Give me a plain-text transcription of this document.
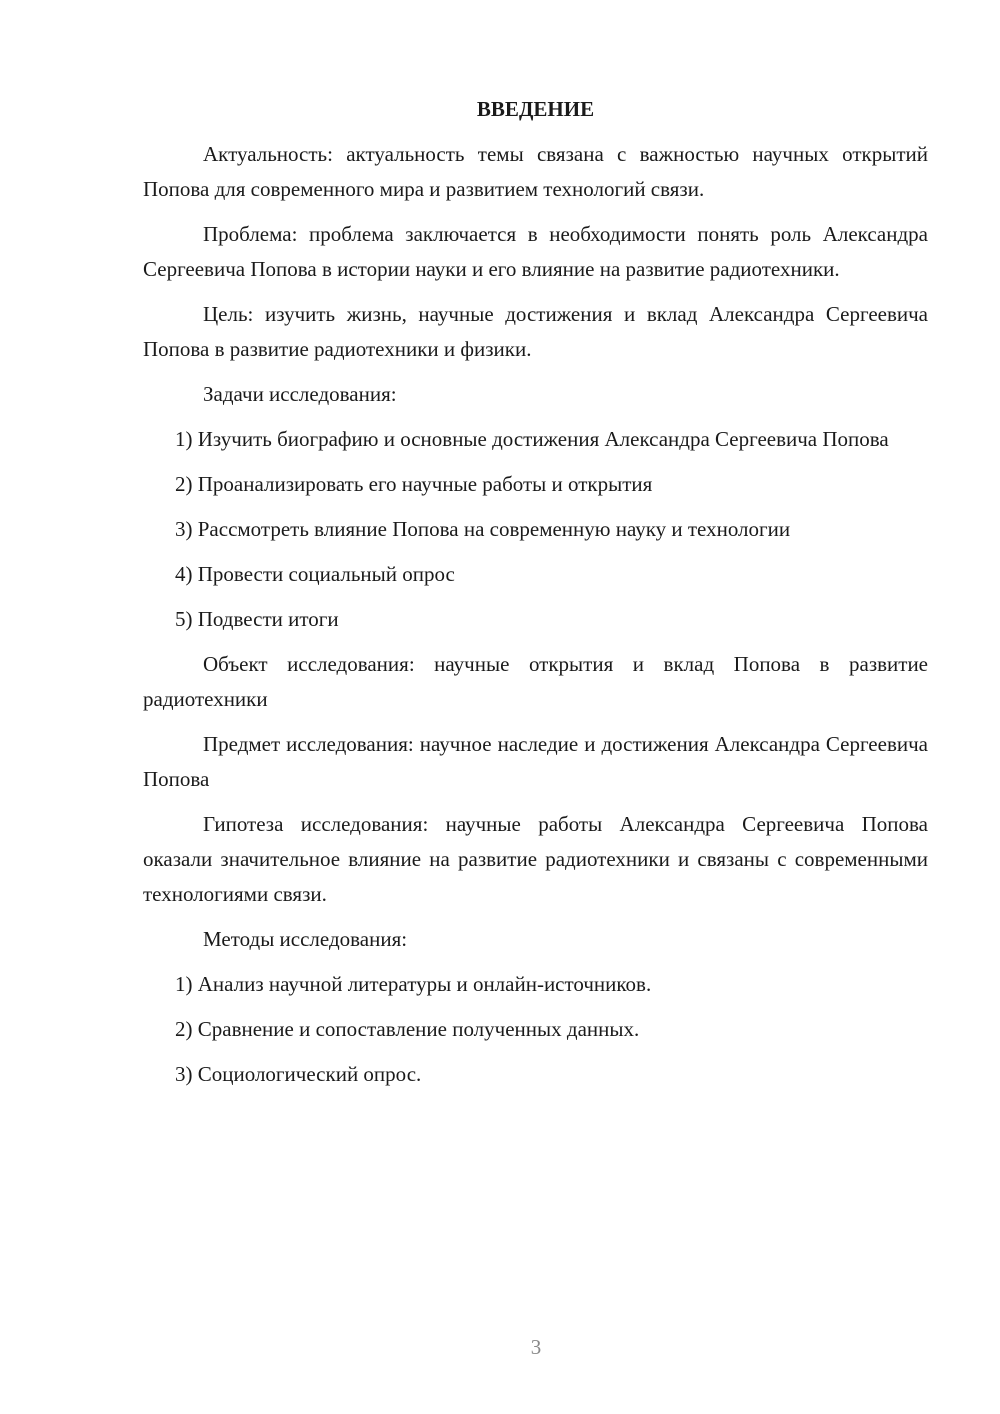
ВВЕДЕНИЕ

Актуальность: актуальность темы связана с важностью научных открытий Попова для современного мира и развитием технологий связи.

Проблема: проблема заключается в необходимости понять роль Александра Сергеевича Попова в истории науки и его влияние на развитие радиотехники.

Цель: изучить жизнь, научные достижения и вклад Александра Сергеевича Попова в развитие радиотехники и физики.

Задачи исследования:

1) Изучить биографию и основные достижения Александра Сергеевича Попова

2) Проанализировать его научные работы и открытия

3) Рассмотреть влияние Попова на современную науку и технологии

4) Провести социальный опрос

5) Подвести итоги

Объект исследования: научные открытия и вклад Попова в развитие радиотехники

Предмет исследования: научное наследие и достижения Александра Сергеевича Попова

Гипотеза исследования: научные работы Александра Сергеевича Попова оказали значительное влияние на развитие радиотехники и связаны с современными технологиями связи.

Методы исследования:

1) Анализ научной литературы и онлайн-источников.

2) Сравнение и сопоставление полученных данных.

3) Социологический опрос.

3
